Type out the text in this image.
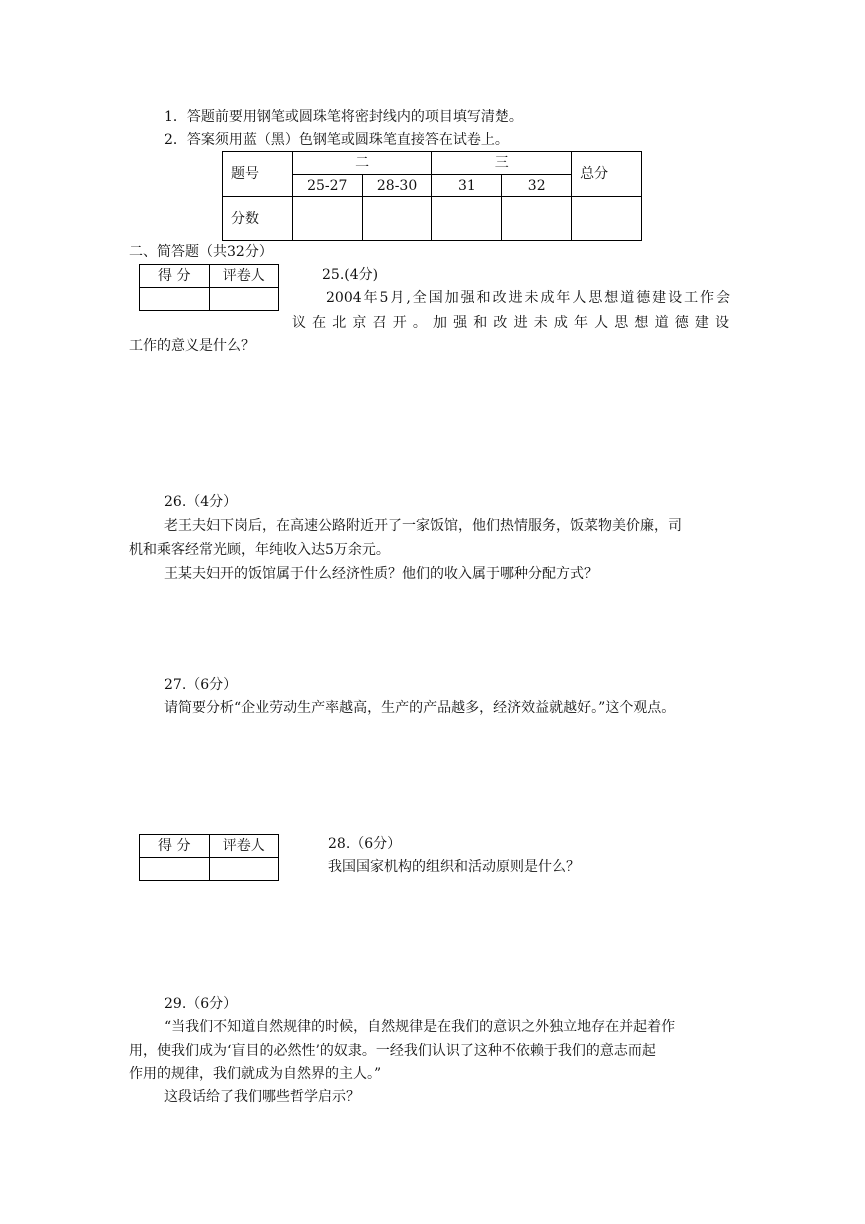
1．答题前要用钢笔或圆珠笔将密封线内的项目填写清楚。
2．答案须用蓝（黑）色钢笔或圆珠笔直接答在试卷上。
题号	二		三		总分
	25-27	28-30	31	32	
分数					
二、简答题（共32分）
得 分	评卷人
		25.(4分)
2004年5月,全国加强和改进未成年人思想道德建设工作会
议在北京召开。加强和改进未成年人思想道德建设
工作的意义是什么？
26.（4分）
老王夫妇下岗后，在高速公路附近开了一家饭馆，他们热情服务，饭菜物美价廉，司
机和乘客经常光顾，年纯收入达5万余元。
王某夫妇开的饭馆属于什么经济性质？他们的收入属于哪种分配方式？
27.（6分）
请简要分析“企业劳动生产率越高，生产的产品越多，经济效益就越好。”这个观点。
得 分	评卷人
		28.（6分）
我国国家机构的组织和活动原则是什么？
29.（6分）
“当我们不知道自然规律的时候，自然规律是在我们的意识之外独立地存在并起着作
用，使我们成为‘盲目的必然性’的奴隶。一经我们认识了这种不依赖于我们的意志而起
作用的规律，我们就成为自然界的主人。”
这段话给了我们哪些哲学启示？
